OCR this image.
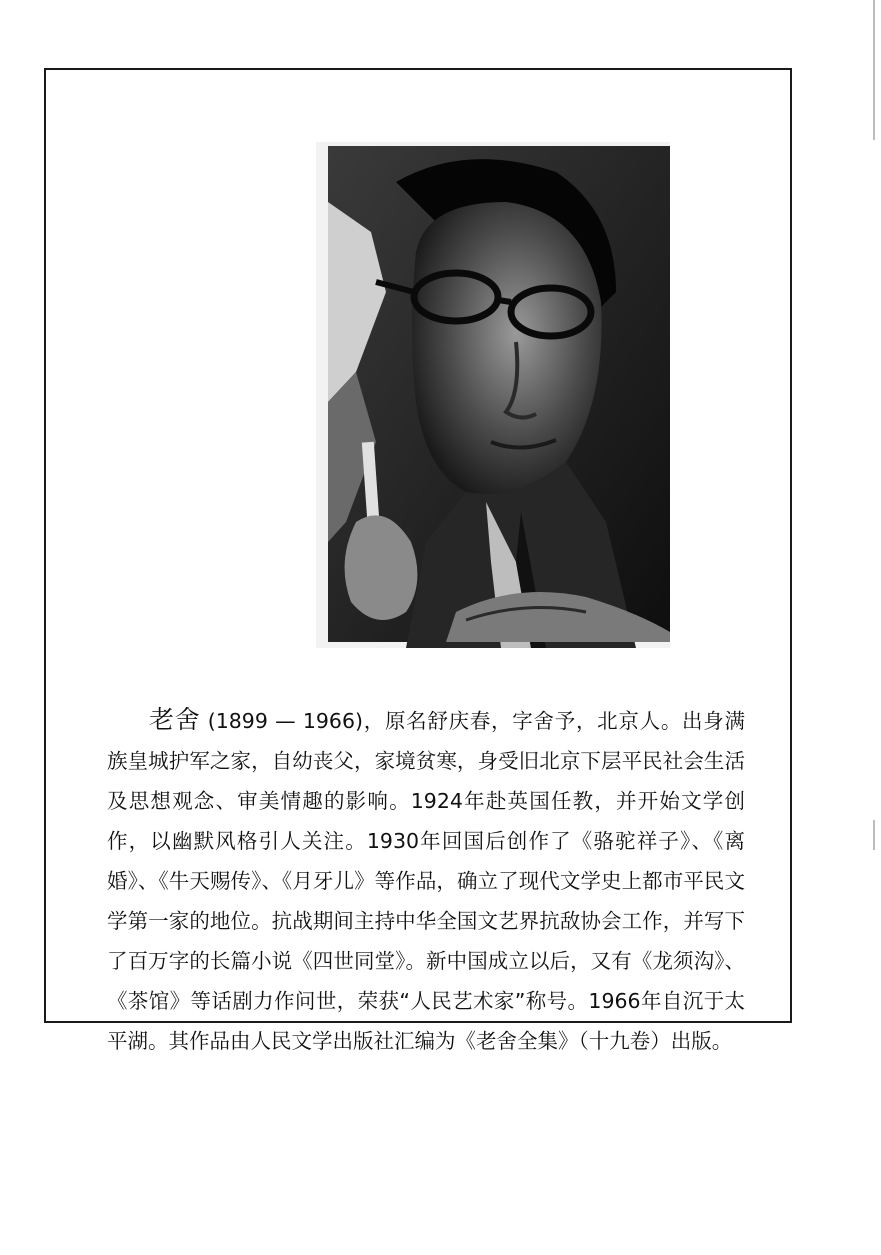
老舍 (1899 — 1966)，原名舒庆春，字舍予，北京人。出身满族皇城护军之家，自幼丧父，家境贫寒，身受旧北京下层平民社会生活及思想观念、审美情趣的影响。1924年赴英国任教，并开始文学创作，以幽默风格引人关注。1930年回国后创作了《骆驼祥子》、《离婚》、《牛天赐传》、《月牙儿》等作品，确立了现代文学史上都市平民文学第一家的地位。抗战期间主持中华全国文艺界抗敌协会工作，并写下了百万字的长篇小说《四世同堂》。新中国成立以后，又有《龙须沟》、《茶馆》等话剧力作问世，荣获“人民艺术家”称号。1966年自沉于太平湖。其作品由人民文学出版社汇编为《老舍全集》（十九卷）出版。
